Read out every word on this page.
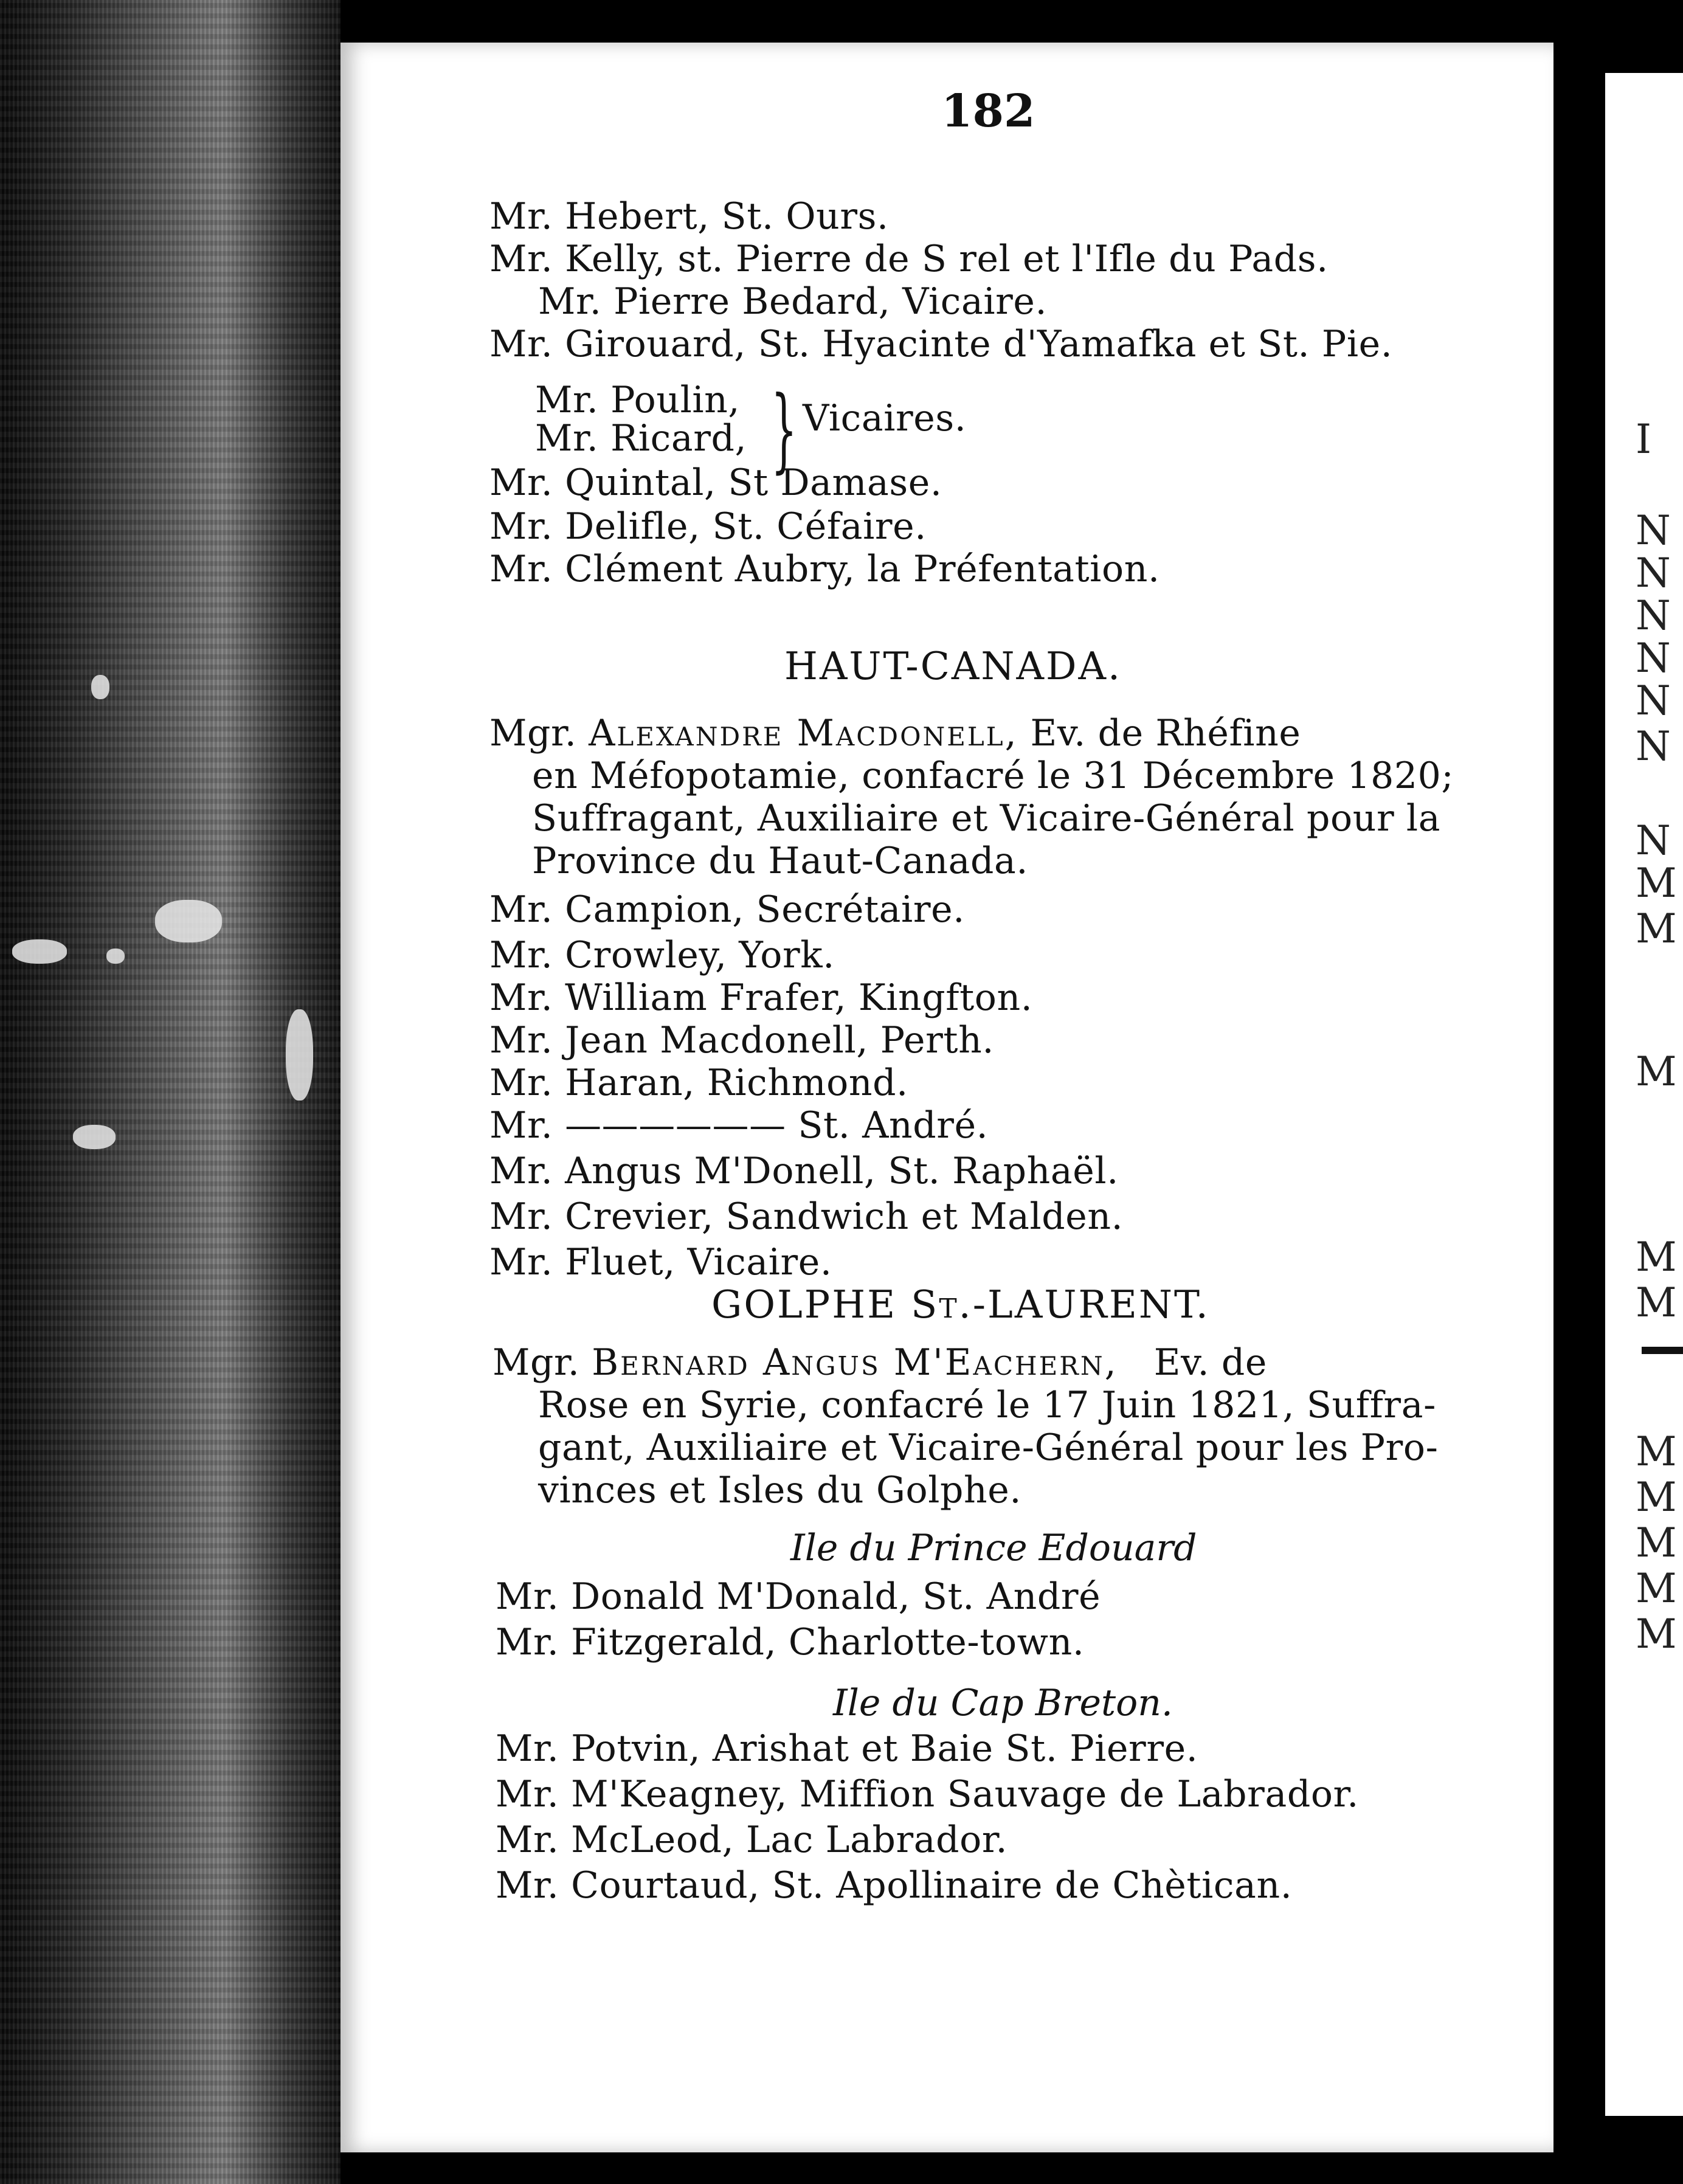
182
Mr. Hebert, St. Ours.
Mr. Kelly, st. Pierre de S rel et l'Ifle du Pads.
Mr. Pierre Bedard, Vicaire.
Mr. Girouard, St. Hyacinte d'Yamafka et St. Pie.
Mr. Poulin,
Mr. Ricard, } Vicaires.
Mr. Quintal, St Damase.
Mr. Delifle, St. Céfaire.
Mr. Clément Aubry, la Préfentation.
HAUT-CANADA.
Mgr. Alexandre Macdonell, Ev. de Rhéfine
en Méfopotamie, confacré le 31 Décembre 1820;
Suffragant, Auxiliaire et Vicaire-Général pour la
Province du Haut-Canada.
Mr. Campion, Secrétaire.
Mr. Crowley, York.
Mr. William Frafer, Kingfton.
Mr. Jean Macdonell, Perth.
Mr. Haran, Richmond.
Mr. —————— St. André.
Mr. Angus M'Donell, St. Raphaël.
Mr. Crevier, Sandwich et Malden.
Mr. Fluet, Vicaire.
GOLPHE St.-LAURENT.
Mgr. Bernard Angus M'Eachern, Ev. de
Rose en Syrie, confacré le 17 Juin 1821, Suffra-
gant, Auxiliaire et Vicaire-Général pour les Pro-
vinces et Isles du Golphe.
Ile du Prince Edouard
Mr. Donald M'Donald, St. André
Mr. Fitzgerald, Charlotte-town.
Ile du Cap Breton.
Mr. Potvin, Arishat et Baie St. Pierre.
Mr. M'Keagney, Miffion Sauvage de Labrador.
Mr. McLeod, Lac Labrador.
Mr. Courtaud, St. Apollinaire de Chètican.
I
N
N
N
N
N
N
N
M
M
M
M
M
M
M
M
M
M
